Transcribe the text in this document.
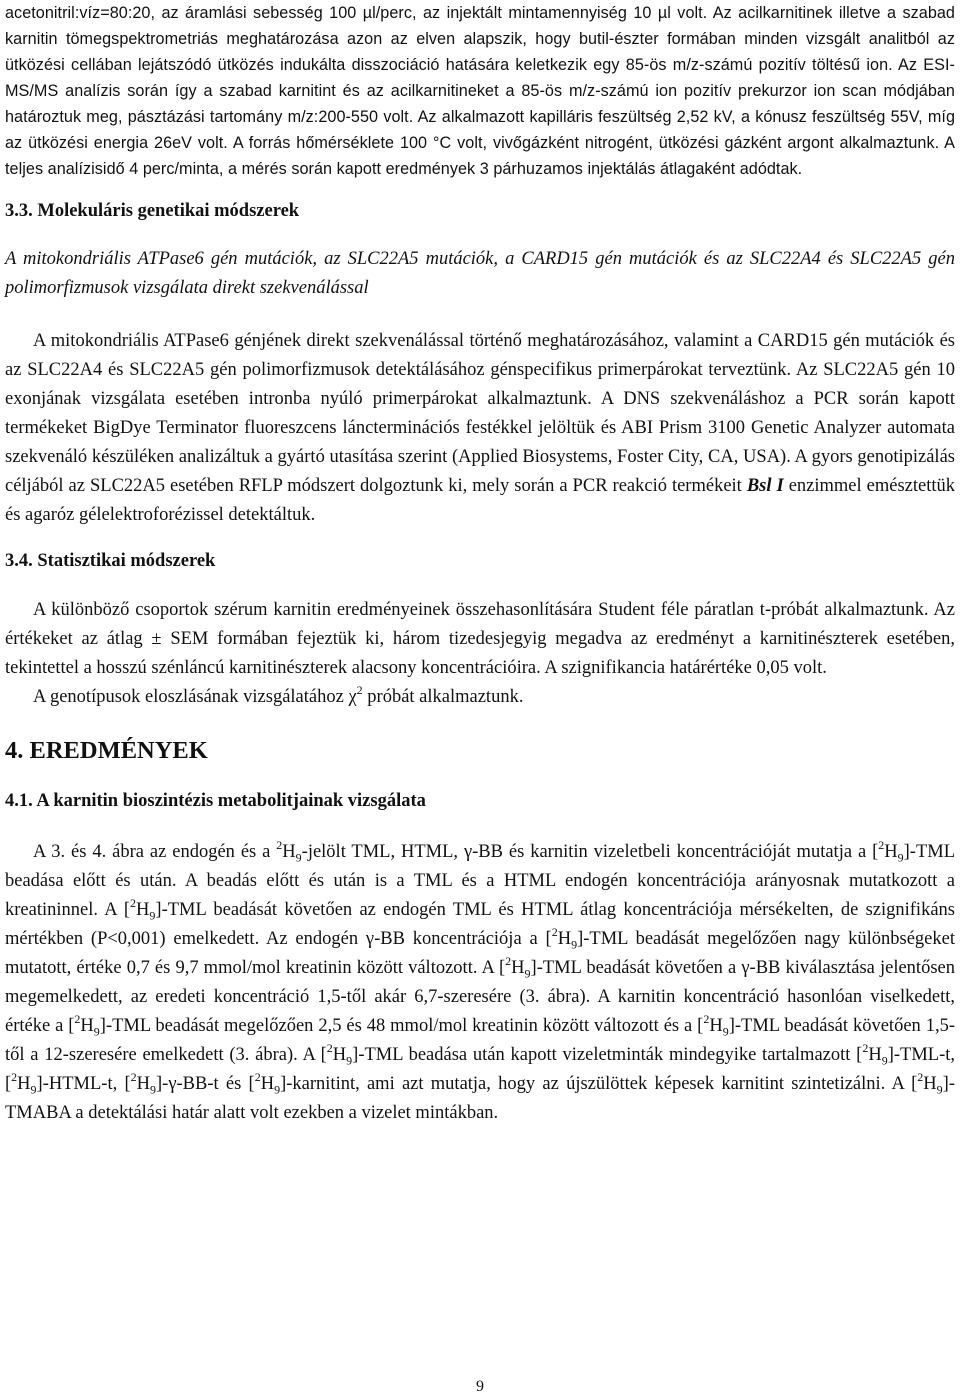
acetonitril:víz=80:20, az áramlási sebesség 100 µl/perc, az injektált mintamennyiség 10 µl volt. Az acilkarnitinek illetve a szabad karnitin tömegspektrometriás meghatározása azon az elven alapszik, hogy butil-észter formában minden vizsgált analitból az ütközési cellában lejátszódó ütközés indukálta disszociáció hatására keletkezik egy 85-ös m/z-számú pozitív töltésű ion. Az ESI-MS/MS analízis során így a szabad karnitint és az acilkarnitineket a 85-ös m/z-számú ion pozitív prekurzor ion scan módjában határoztuk meg, pásztázási tartomány m/z:200-550 volt. Az alkalmazott kapilláris feszültség 2,52 kV, a kónusz feszültség 55V, míg az ütközési energia 26eV volt. A forrás hőmérséklete 100 °C volt, vivőgázként nitrogént, ütközési gázként argont alkalmaztunk. A teljes analízisidő 4 perc/minta, a mérés során kapott eredmények 3 párhuzamos injektálás átlagaként adódtak.

3.3. Molekuláris genetikai módszerek

A mitokondriális ATPase6 gén mutációk, az SLC22A5 mutációk, a CARD15 gén mutációk és az SLC22A4 és SLC22A5 gén polimorfizmusok vizsgálata direkt szekvenálással

A mitokondriális ATPase6 génjének direkt szekvenálással történő meghatározásához, valamint a CARD15 gén mutációk és az SLC22A4 és SLC22A5 gén polimorfizmusok detektálásához génspecifikus primerpárokat terveztünk. Az SLC22A5 gén 10 exonjának vizsgálata esetében intronba nyúló primerpárokat alkalmaztunk. A DNS szekvenáláshoz a PCR során kapott termékeket BigDye Terminator fluoreszcens láncterminációs festékkel jelöltük és ABI Prism 3100 Genetic Analyzer automata szekvenáló készüléken analizáltuk a gyártó utasítása szerint (Applied Biosystems, Foster City, CA, USA). A gyors genotipizálás céljából az SLC22A5 esetében RFLP módszert dolgoztunk ki, mely során a PCR reakció termékeit Bsl I enzimmel emésztettük és agaróz gélelektroforézissel detektáltuk.

3.4. Statisztikai módszerek

A különböző csoportok szérum karnitin eredményeinek összehasonlítására Student féle páratlan t-próbát alkalmaztunk. Az értékeket az átlag ± SEM formában fejeztük ki, három tizedesjegyig megadva az eredményt a karnitinészterek esetében, tekintettel a hosszú szénláncú karnitinészterek alacsony koncentrációira. A szignifikancia határértéke 0,05 volt.

A genotípusok eloszlásának vizsgálatához $\chi^2$ próbát alkalmaztunk.

4. EREDMÉNYEK
4.1. A karnitin bioszintézis metabolitjainak vizsgálata

A 3. és 4. ábra az endogén és a $^2H_9$-jelölt TML, HTML, γ-BB és karnitin vizeletbeli koncentrációját mutatja a $[^2H_9]$-TML beadása előtt és után. A beadás előtt és után is a TML és a HTML endogén koncentrációja arányosnak mutatkozott a kreatininnel. A $[^2H_9]$-TML beadását követően az endogén TML és HTML átlag koncentrációja mérsékelten, de szignifikáns mértékben (P<0,001) emelkedett. Az endogén γ-BB koncentrációja a $[^2H_9]$-TML beadását megelőzően nagy különbségeket mutatott, értéke 0,7 és 9,7 mmol/mol kreatinin között változott. A $[^2H_9]$-TML beadását követően a γ-BB kiválasztása jelentősen megemelkedett, az eredeti koncentráció 1,5-től akár 6,7-szeresére (3. ábra). A karnitin koncentráció hasonlóan viselkedett, értéke a $[^2H_9]$-TML beadását megelőzően 2,5 és 48 mmol/mol kreatinin között változott és a $[^2H_9]$-TML beadását követően 1,5-től a 12-szeresére emelkedett (3. ábra). A $[^2H_9]$-TML beadása után kapott vizeletminták mindegyike tartalmazott $[^2H_9]-TML-t$, $[^2H_9]-HTML-t$, $[^2H_9]-\gamma-BB-t$ és $[^2H_9]$-karnitint, ami azt mutatja, hogy az újszülöttek képesek karnitint szintetizálni. A $[^2H_9]$-TMABA a detektálási határ alatt volt ezekben a vizelet mintákban.

9
